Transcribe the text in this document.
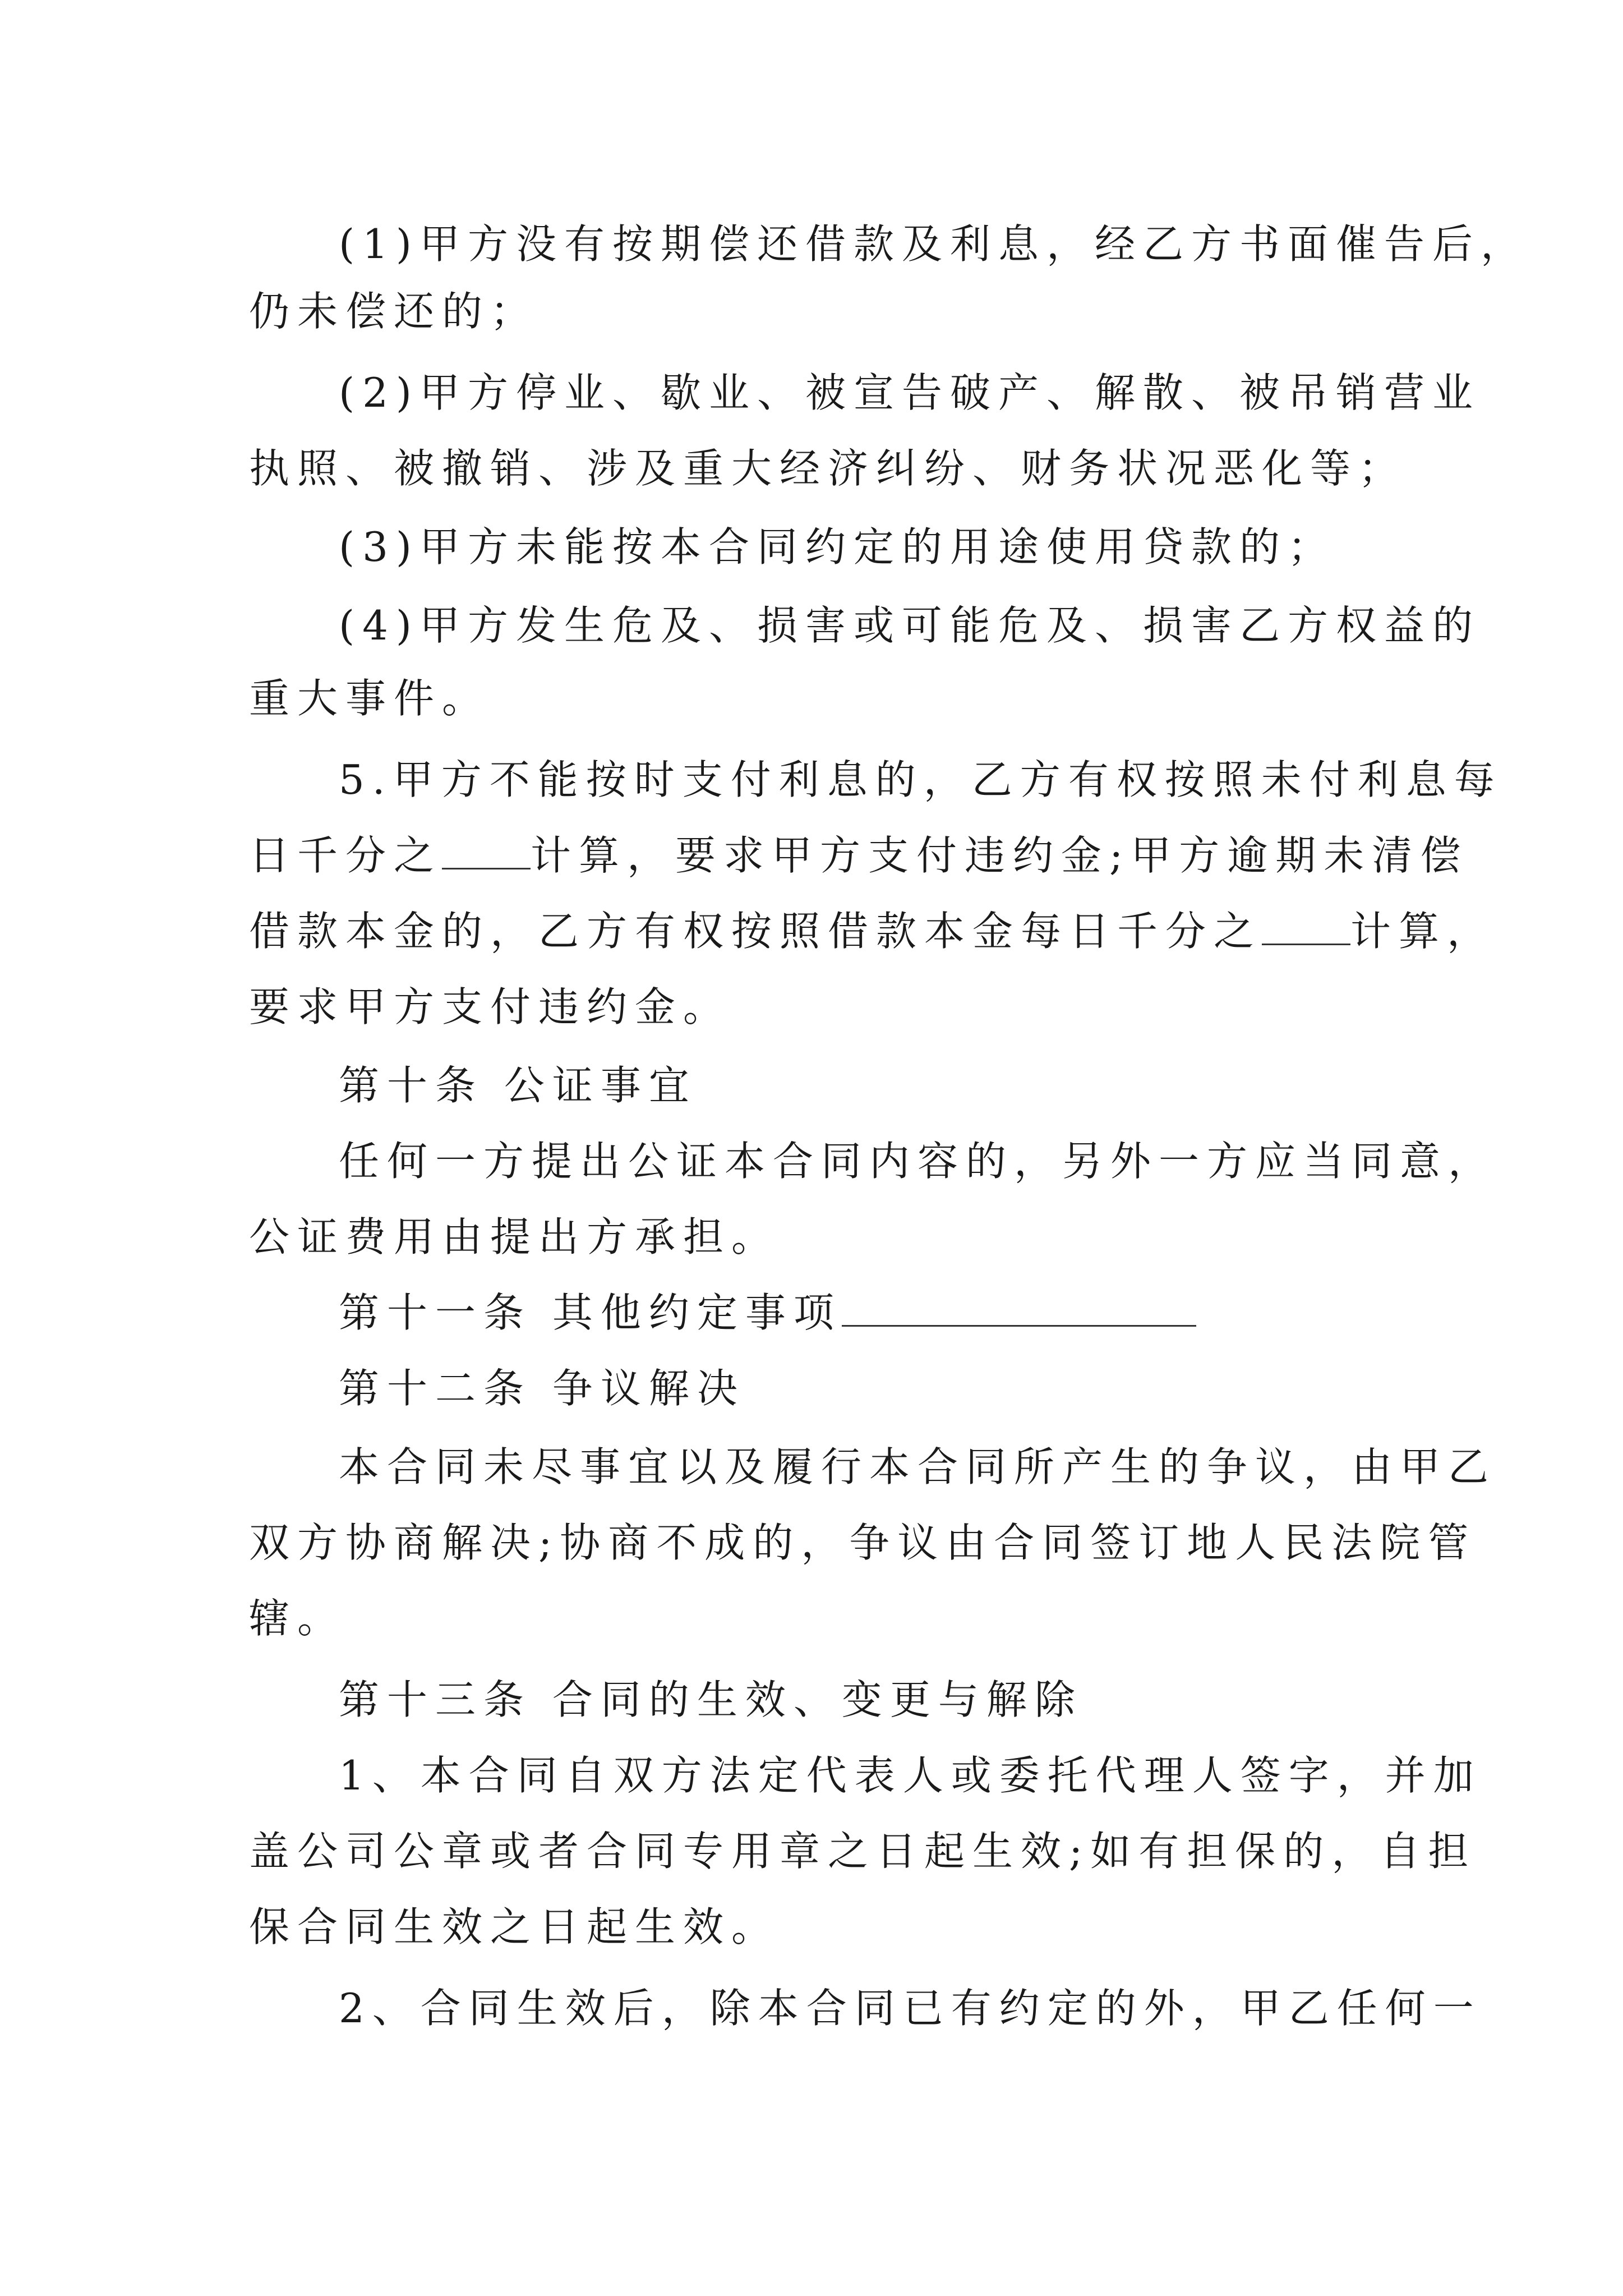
(1)甲方没有按期偿还借款及利息，经乙方书面催告后，
仍未偿还的；
(2)甲方停业、歇业、被宣告破产、解散、被吊销营业
执照、被撤销、涉及重大经济纠纷、财务状况恶化等；
(3)甲方未能按本合同约定的用途使用贷款的；
(4)甲方发生危及、损害或可能危及、损害乙方权益的
重大事件。
5.甲方不能按时支付利息的，乙方有权按照未付利息每
日千分之 计算，要求甲方支付违约金;甲方逾期未清偿
借款本金的，乙方有权按照借款本金每日千分之 计算，
要求甲方支付违约金。
第十条 公证事宜
任何一方提出公证本合同内容的，另外一方应当同意，
公证费用由提出方承担。
第十一条 其他约定事项
第十二条 争议解决
本合同未尽事宜以及履行本合同所产生的争议，由甲乙
双方协商解决;协商不成的，争议由合同签订地人民法院管
辖。
第十三条 合同的生效、变更与解除
1、本合同自双方法定代表人或委托代理人签字，并加
盖公司公章或者合同专用章之日起生效;如有担保的，自担
保合同生效之日起生效。
2、合同生效后，除本合同已有约定的外，甲乙任何一
